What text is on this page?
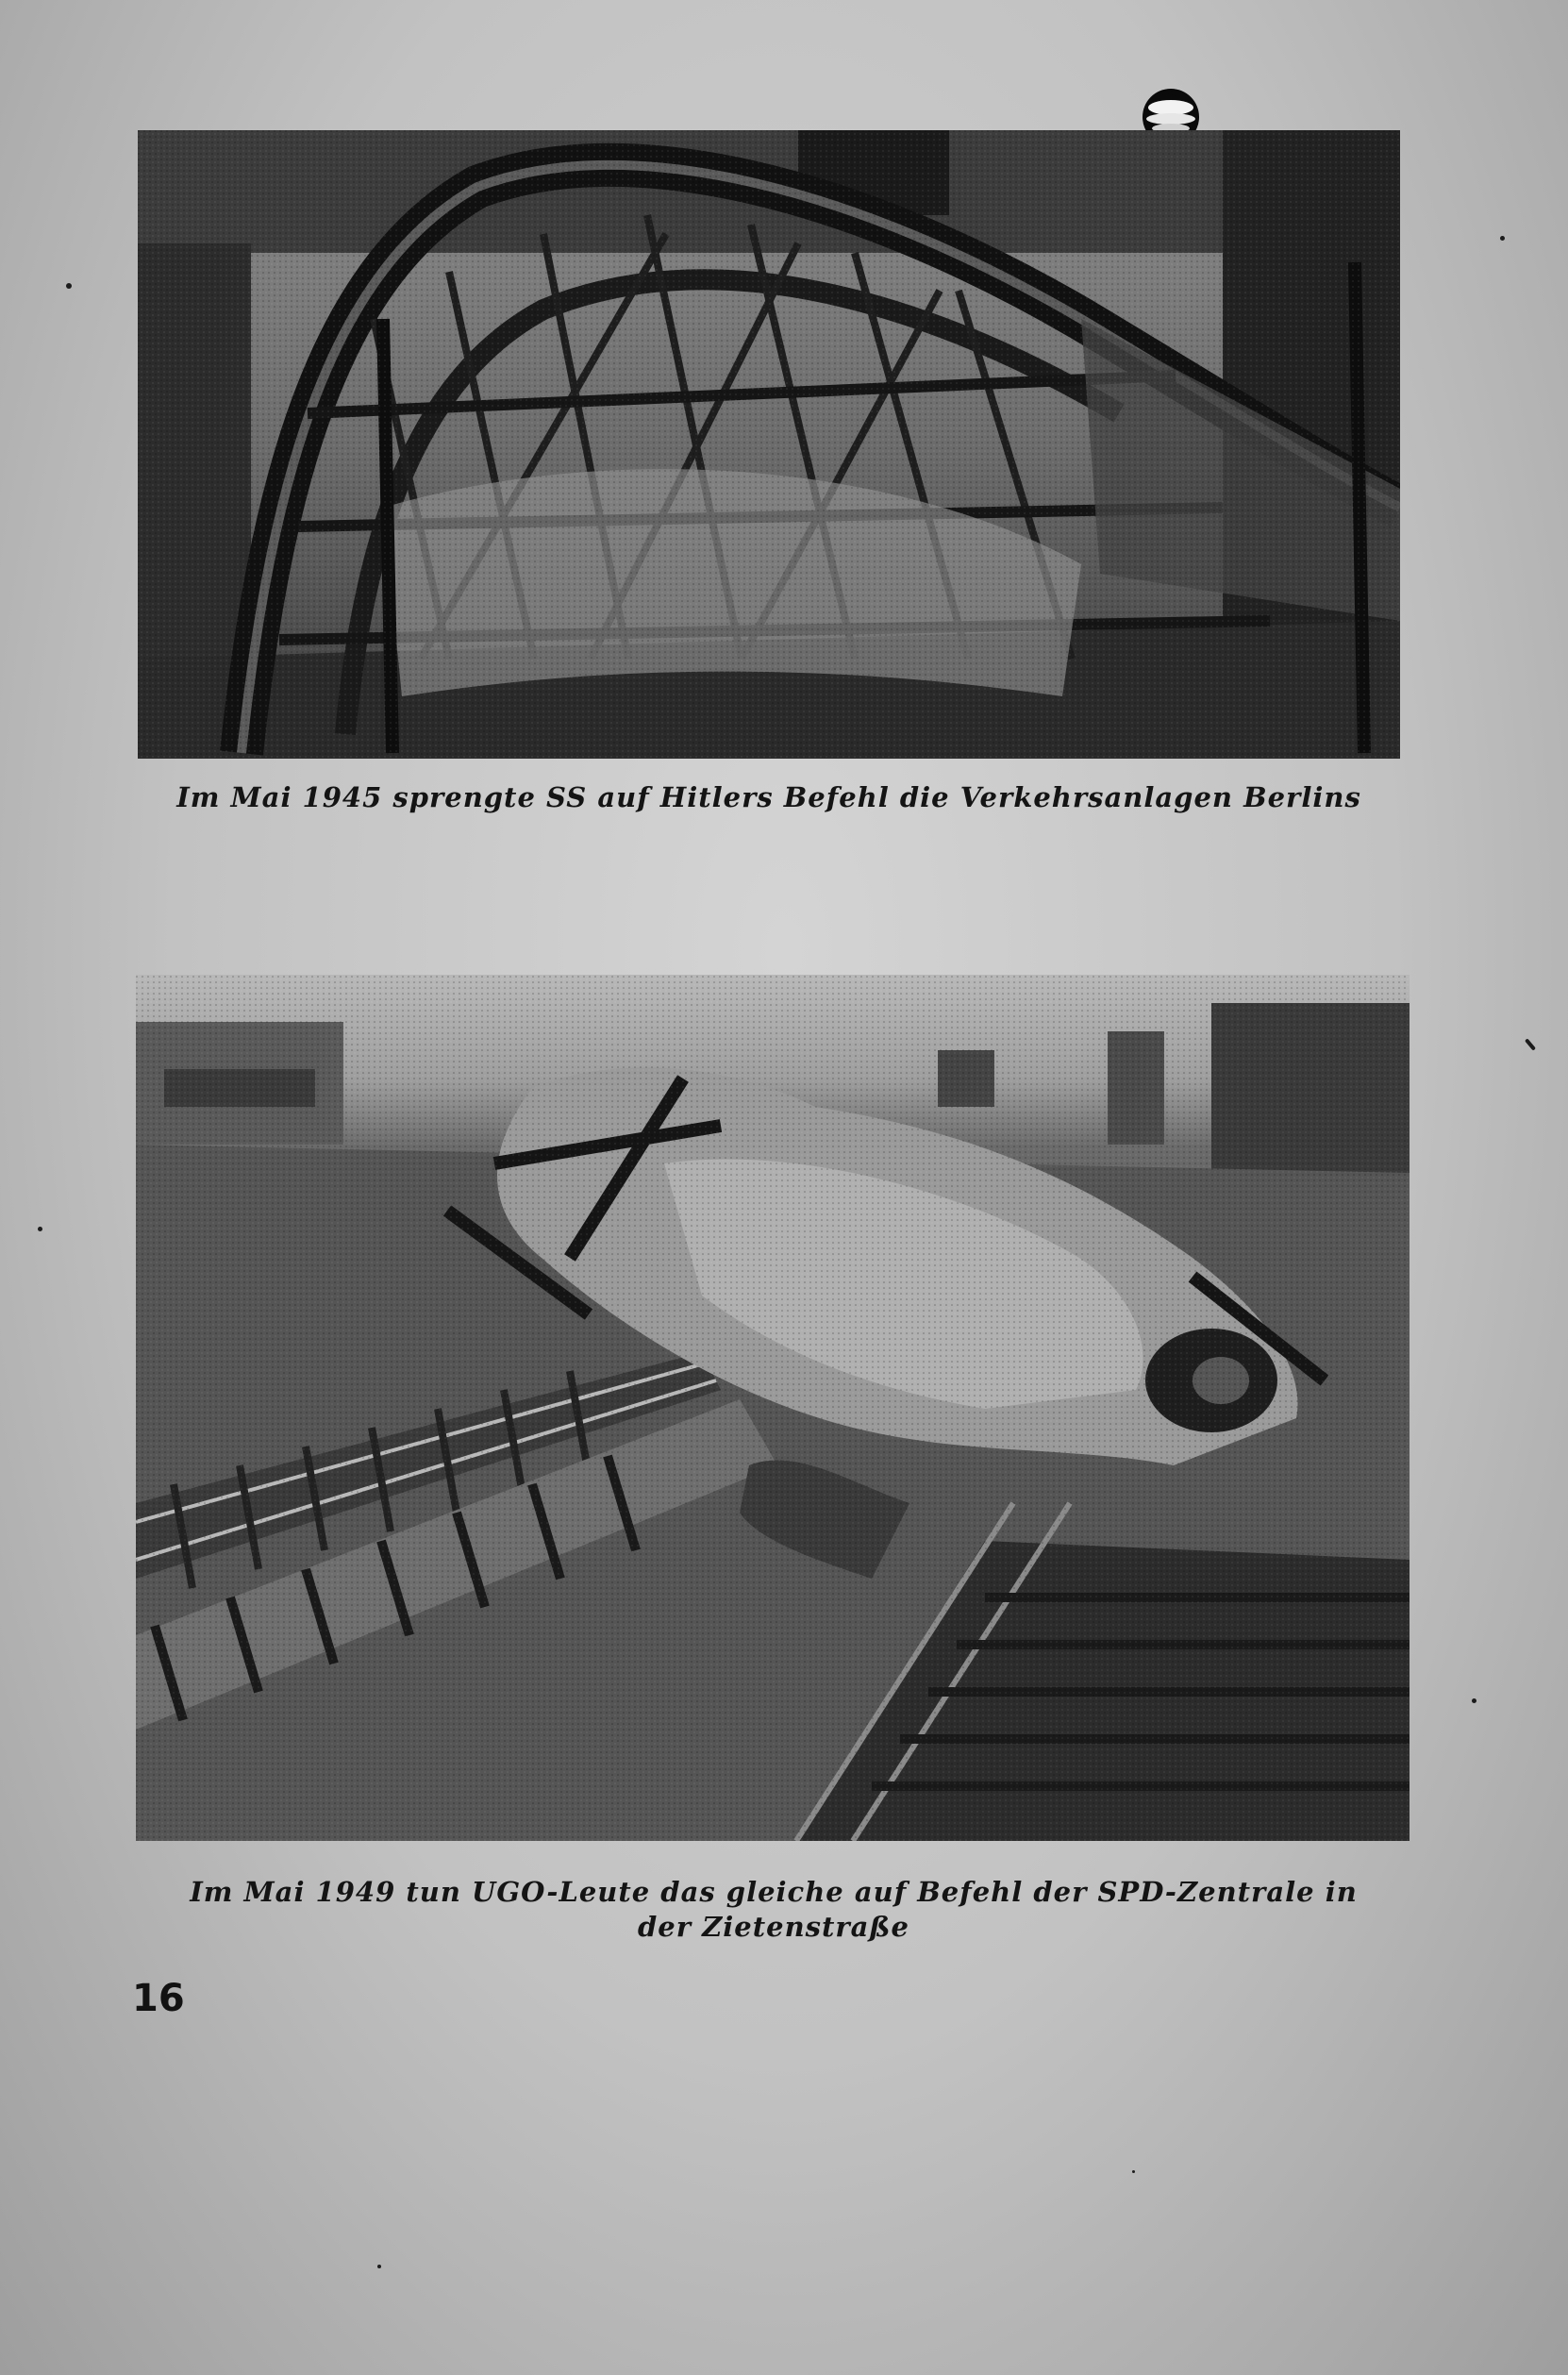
Im Mai 1945 sprengte SS auf Hitlers Befehl die Verkehrsanlagen Berlins
Im Mai 1949 tun UGO-Leute das gleiche auf Befehl der SPD-Zentrale in
der Zietenstraße
16
